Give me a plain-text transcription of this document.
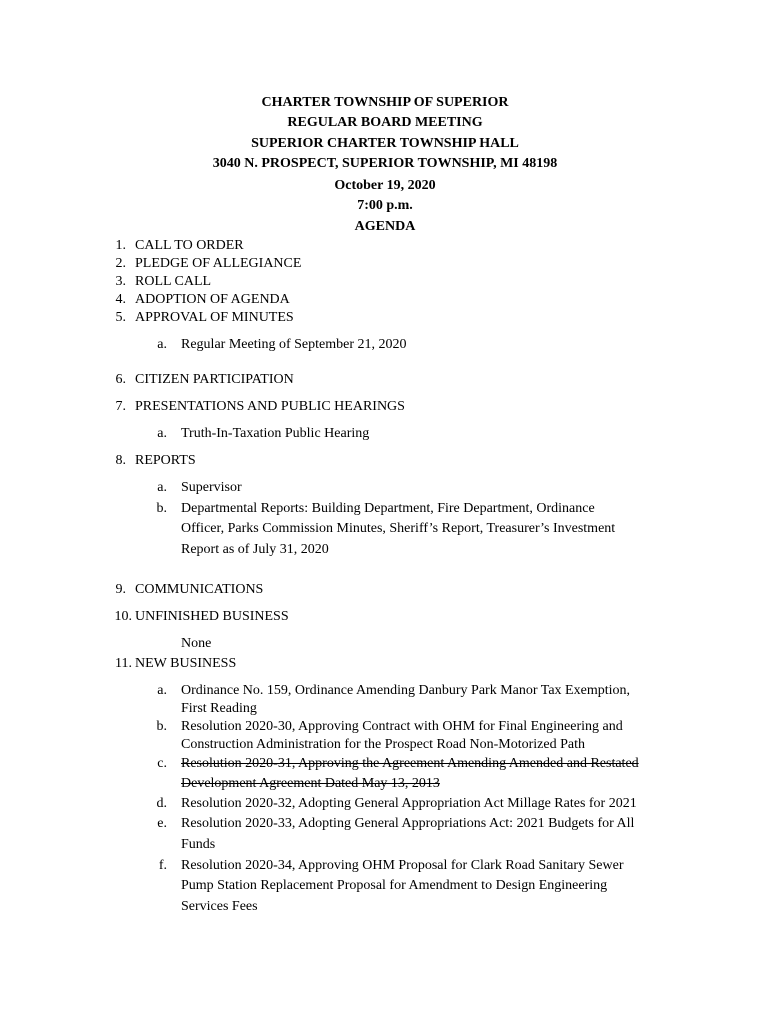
CHARTER TOWNSHIP OF SUPERIOR
REGULAR BOARD MEETING
SUPERIOR CHARTER TOWNSHIP HALL
3040 N. PROSPECT, SUPERIOR TOWNSHIP, MI 48198
October 19, 2020
7:00 p.m.
AGENDA
1. CALL TO ORDER
2. PLEDGE OF ALLEGIANCE
3. ROLL CALL
4. ADOPTION OF AGENDA
5. APPROVAL OF MINUTES
a. Regular Meeting of September 21, 2020
6. CITIZEN PARTICIPATION
7. PRESENTATIONS AND PUBLIC HEARINGS
a. Truth-In-Taxation Public Hearing
8. REPORTS
a. Supervisor
b. Departmental Reports: Building Department, Fire Department, Ordinance
Officer, Parks Commission Minutes, Sheriff’s Report, Treasurer’s Investment
Report as of July 31, 2020
9. COMMUNICATIONS
10. UNFINISHED BUSINESS
None
11. NEW BUSINESS
a. Ordinance No. 159, Ordinance Amending Danbury Park Manor Tax Exemption,
First Reading
b. Resolution 2020-30, Approving Contract with OHM for Final Engineering and
Construction Administration for the Prospect Road Non-Motorized Path
c. Resolution 2020-31, Approving the Agreement Amending Amended and Restated
Development Agreement Dated May 13, 2013
d. Resolution 2020-32, Adopting General Appropriation Act Millage Rates for 2021
e. Resolution 2020-33, Adopting General Appropriations Act: 2021 Budgets for All
Funds
f. Resolution 2020-34, Approving OHM Proposal for Clark Road Sanitary Sewer
Pump Station Replacement Proposal for Amendment to Design Engineering
Services Fees
